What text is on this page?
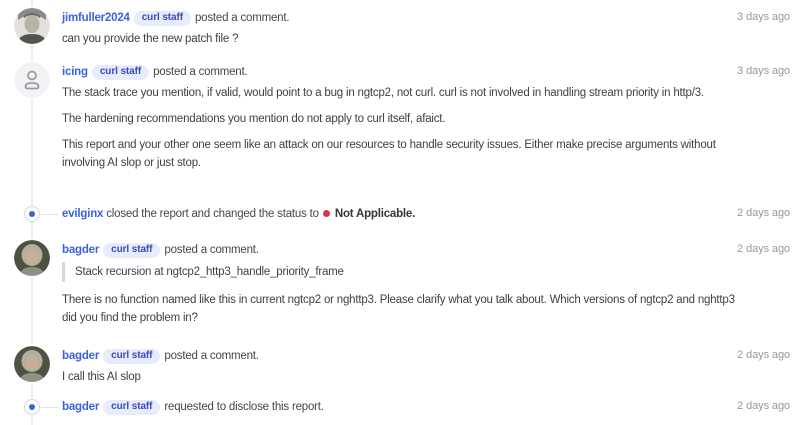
jimfuller2024 curl staff posted a comment.

can you provide the new patch file ?

3 days ago
icing curl staff posted a comment.

The stack trace you mention, if valid, would point to a bug in ngtcp2, not curl. curl is not involved in handling stream priority in http/3.

The hardening recommendations you mention do not apply to curl itself, afaict.

This report and your other one seem like an attack on our resources to handle security issues. Either make precise arguments without involving AI slop or just stop.

3 days ago
evilginx closed the report and changed the status to Not Applicable.	2 days ago
bagder curl staff posted a comment.
Stack recursion at ngtcp2_http3_handle_priority_frame

There is no function named like this in current ngtcp2 or nghttp3. Please clarify what you talk about. Which versions of ngtcp2 and nghttp3 did you find the problem in?

2 days ago
bagder curl staff posted a comment.

I call this AI slop

2 days ago
bagder curl staff requested to disclose this report.	2 days ago
